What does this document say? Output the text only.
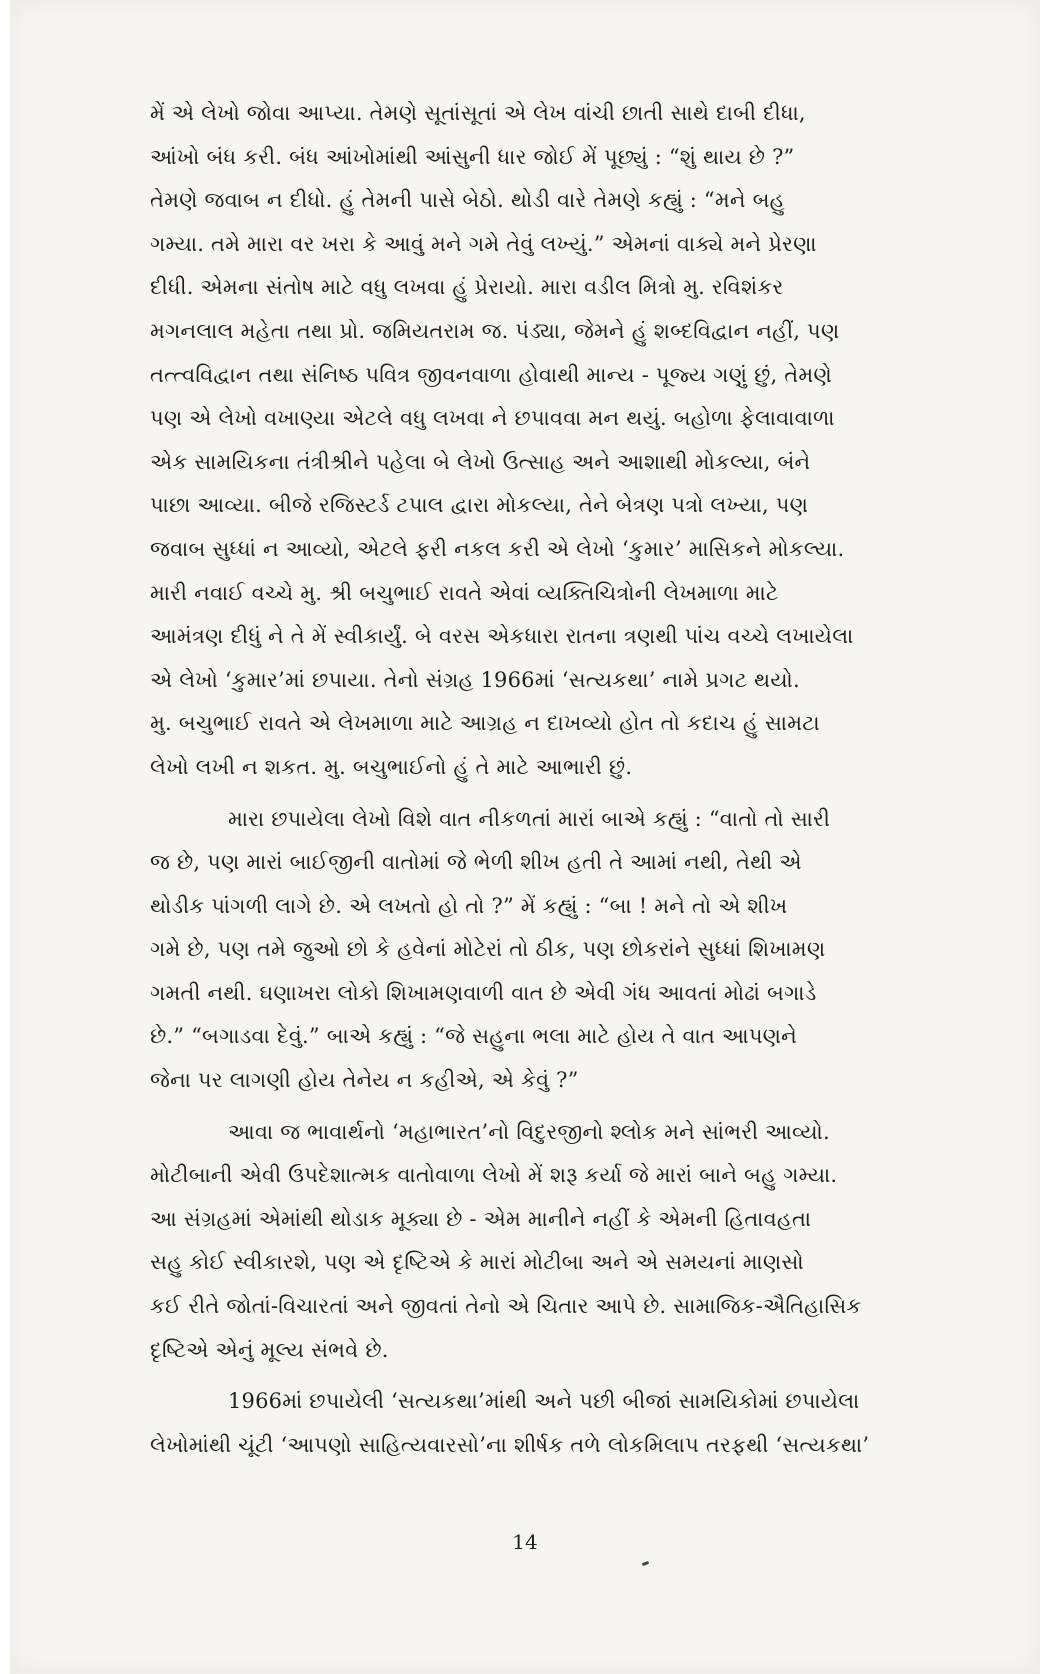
મેં એ લેખો જોવા આપ્યા. તેમણે સૂતાંસૂતાં એ લેખ વાંચી છાતી સાથે દાબી દીધા,
આંખો બંધ કરી. બંધ આંખોમાંથી આંસુની ધાર જોઈ મેં પૂછ્યું : “શું થાય છે ?”
તેમણે જવાબ ન દીધો. હું તેમની પાસે બેઠો. થોડી વારે તેમણે કહ્યું : “મને બહુ
ગમ્યા. તમે મારા વર ખરા કે આવું મને ગમે તેવું લખ્યું.” એમનાં વાક્યે મને પ્રેરણા
દીધી. એમના સંતોષ માટે વધુ લખવા હું પ્રેરાયો. મારા વડીલ મિત્રો મુ. રવિશંકર
મગનલાલ મહેતા તથા પ્રો. જમિયતરામ જ. પંડ્યા, જેમને હું શબ્દવિદ્વાન નહીં, પણ
તત્ત્વવિદ્વાન તથા સંનિષ્ઠ પવિત્ર જીવનવાળા હોવાથી માન્ય - પૂજ્ય ગણું છું, તેમણે
પણ એ લેખો વખાણ્યા એટલે વધુ લખવા ને છપાવવા મન થયું. બહોળા ફેલાવાવાળા
એક સામયિકના તંત્રીશ્રીને પહેલા બે લેખો ઉત્સાહ અને આશાથી મોકલ્યા, બંને
પાછા આવ્યા. બીજે રજિસ્ટર્ડ ટપાલ દ્વારા મોકલ્યા, તેને બેત્રણ પત્રો લખ્યા, પણ
જવાબ સુધ્ધાં ન આવ્યો, એટલે ફરી નકલ કરી એ લેખો ‘કુમાર’ માસિકને મોકલ્યા.
મારી નવાઈ વચ્ચે મુ. શ્રી બચુભાઈ રાવતે એવાં વ્યક્તિચિત્રોની લેખમાળા માટે
આમંત્રણ દીધું ને તે મેં સ્વીકાર્યું. બે વરસ એકધારા રાતના ત્રણથી પાંચ વચ્ચે લખાયેલા
એ લેખો ‘કુમાર’માં છપાયા. તેનો સંગ્રહ 1966માં ‘સત્યકથા’ નામે પ્રગટ થયો.
મુ. બચુભાઈ રાવતે એ લેખમાળા માટે આગ્રહ ન દાખવ્યો હોત તો કદાચ હું સામટા
લેખો લખી ન શકત. મુ. બચુભાઈનો હું તે માટે આભારી છું.
મારા છપાયેલા લેખો વિશે વાત નીકળતાં મારાં બાએ કહ્યું : “વાતો તો સારી
જ છે, પણ મારાં બાઈજીની વાતોમાં જે ભેળી શીખ હતી તે આમાં નથી, તેથી એ
થોડીક પાંગળી લાગે છે. એ લખતો હો તો ?” મેં કહ્યું : “બા ! મને તો એ શીખ
ગમે છે, પણ તમે જુઓ છો કે હવેનાં મોટેરાં તો ઠીક, પણ છોકરાંને સુધ્ધાં શિખામણ
ગમતી નથી. ઘણાખરા લોકો શિખામણવાળી વાત છે એવી ગંધ આવતાં મોઢાં બગાડે
છે.” “બગાડવા દેવું.” બાએ કહ્યું : “જે સહુના ભલા માટે હોય તે વાત આપણને
જેના પર લાગણી હોય તેનેય ન કહીએ, એ કેવું ?”
આવા જ ભાવાર્થનો ‘મહાભારત’નો વિદુરજીનો શ્લોક મને સાંભરી આવ્યો.
મોટીબાની એવી ઉપદેશાત્મક વાતોવાળા લેખો મેં શરૂ કર્યા જે મારાં બાને બહુ ગમ્યા.
આ સંગ્રહમાં એમાંથી થોડાક મૂક્યા છે - એમ માનીને નહીં કે એમની હિતાવહતા
સહુ કોઈ સ્વીકારશે, પણ એ દૃષ્ટિએ કે મારાં મોટીબા અને એ સમયનાં માણસો
કઈ રીતે જોતાં-વિચારતાં અને જીવતાં તેનો એ ચિતાર આપે છે. સામાજિક-ઐતિહાસિક
દૃષ્ટિએ એનું મૂલ્ય સંભવે છે.
1966માં છપાયેલી ‘સત્યકથા’માંથી અને પછી બીજાં સામયિકોમાં છપાયેલા
લેખોમાંથી ચૂંટી ‘આપણો સાહિત્યવારસો’ના શીર્ષક તળે લોકમિલાપ તરફથી ‘સત્યકથા’
14
